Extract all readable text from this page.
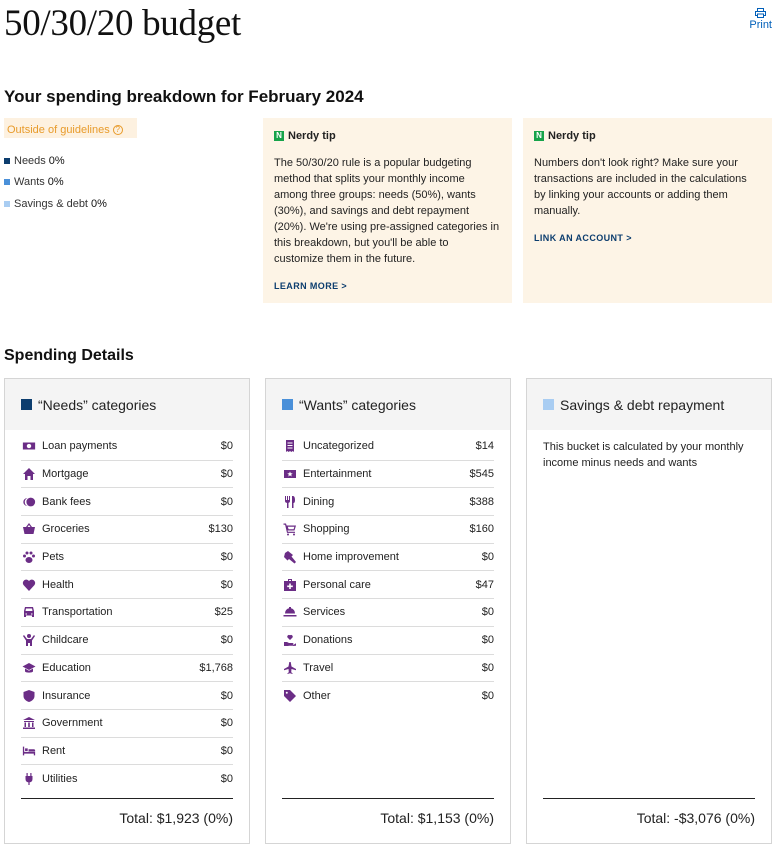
50/30/20 budget	Print
Your spending breakdown for February 2024
Outside of guidelines ?
Needs 0%
Wants 0%
Savings & debt 0%
N Nerdy tip
The 50/30/20 rule is a popular budgeting method that splits your monthly income among three groups: needs (50%), wants (30%), and savings and debt repayment (20%). We're using pre-assigned categories in this breakdown, but you'll be able to customize them in the future.
LEARN MORE >
N Nerdy tip
Numbers don't look right? Make sure your transactions are included in the calculations by linking your accounts or adding them manually.
LINK AN ACCOUNT >
Spending Details
“Needs” categories
Loan payments	$0
Mortgage	$0
Bank fees	$0
Groceries	$130
Pets	$0
Health	$0
Transportation	$25
Childcare	$0
Education	$1,768
Insurance	$0
Government	$0
Rent	$0
Utilities	$0
Total: $1,923 (0%)
“Wants” categories
Uncategorized	$14
Entertainment	$545
Dining	$388
Shopping	$160
Home improvement	$0
Personal care	$47
Services	$0
Donations	$0
Travel	$0
Other	$0
Total: $1,153 (0%)
Savings & debt repayment
This bucket is calculated by your monthly income minus needs and wants
Total: -$3,076 (0%)
